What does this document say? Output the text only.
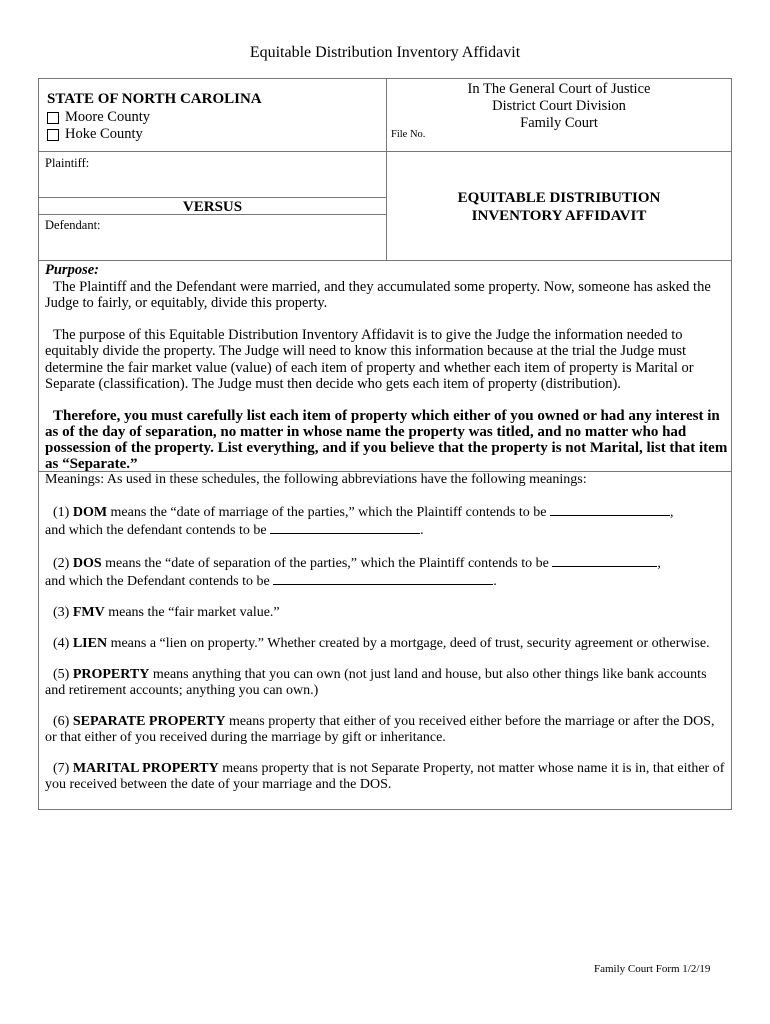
Equitable Distribution Inventory Affidavit
STATE OF NORTH CAROLINA
Moore County
Hoke County
In The General Court of Justice
District Court Division
Family Court
File No.
Plaintiff:
VERSUS
Defendant:
EQUITABLE DISTRIBUTION
INVENTORY AFFIDAVIT
Purpose:

The Plaintiff and the Defendant were married, and they accumulated some property. Now, someone has asked the Judge to fairly, or equitably, divide this property.

The purpose of this Equitable Distribution Inventory Affidavit is to give the Judge the information needed to equitably divide the property. The Judge will need to know this information because at the trial the Judge must determine the fair market value (value) of each item of property and whether each item of property is Marital or Separate (classification). The Judge must then decide who gets each item of property (distribution).

Therefore, you must carefully list each item of property which either of you owned or had any interest in as of the day of separation, no matter in whose name the property was titled, and no matter who had possession of the property. List everything, and if you believe that the property is not Marital, list that item as “Separate.”

Meanings: As used in these schedules, the following abbreviations have the following meanings:

(1) DOM means the “date of marriage of the parties,” which the Plaintiff contends to be	,
and which the defendant contends to be	.

(2) DOS means the “date of separation of the parties,” which the Plaintiff contends to be	,
and which the Defendant contends to be	.

(3) FMV means the “fair market value.”

(4) LIEN means a “lien on property.” Whether created by a mortgage, deed of trust, security agreement or otherwise.

(5) PROPERTY means anything that you can own (not just land and house, but also other things like bank accounts and retirement accounts; anything you can own.)

(6) SEPARATE PROPERTY means property that either of you received either before the marriage or after the DOS, or that either of you received during the marriage by gift or inheritance.

(7) MARITAL PROPERTY means property that is not Separate Property, not matter whose name it is in, that either of you received between the date of your marriage and the DOS.

Family Court Form 1/2/19
